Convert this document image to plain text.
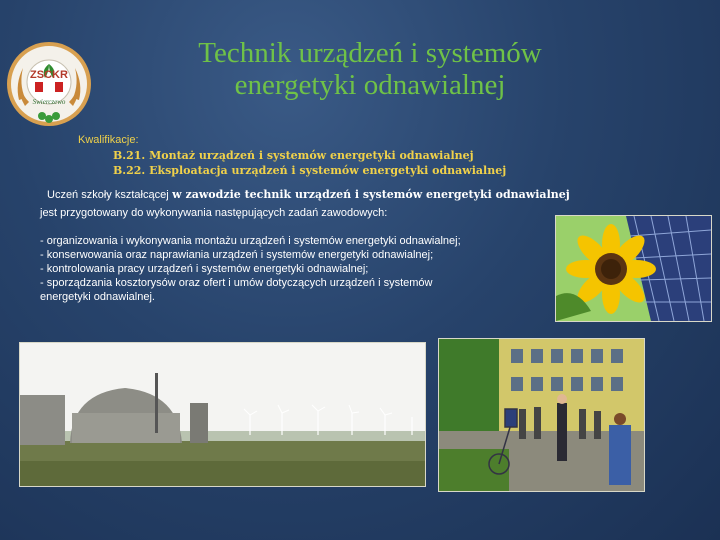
ZSCKR
Swierczewo
Technik urządzeń i systemów
energetyki odnawialnej
Kwalifikacje:
B.21. Montaż urządzeń i systemów energetyki odnawialnej
B.22. Eksploatacja urządzeń i systemów energetyki odnawialnej
Uczeń szkoły kształcącej w zawodzie technik urządzeń i systemów energetyki odnawialnej
jest przygotowany do wykonywania następujących zadań zawodowych:
- organizowania i wykonywania montażu urządzeń i systemów energetyki odnawialnej;
- konserwowania oraz naprawiania urządzeń i systemów energetyki odnawialnej;
- kontrolowania pracy urządzeń i systemów energetyki odnawialnej;
- sporządzania kosztorysów oraz ofert i umów dotyczących urządzeń i systemów
energetyki odnawialnej.
